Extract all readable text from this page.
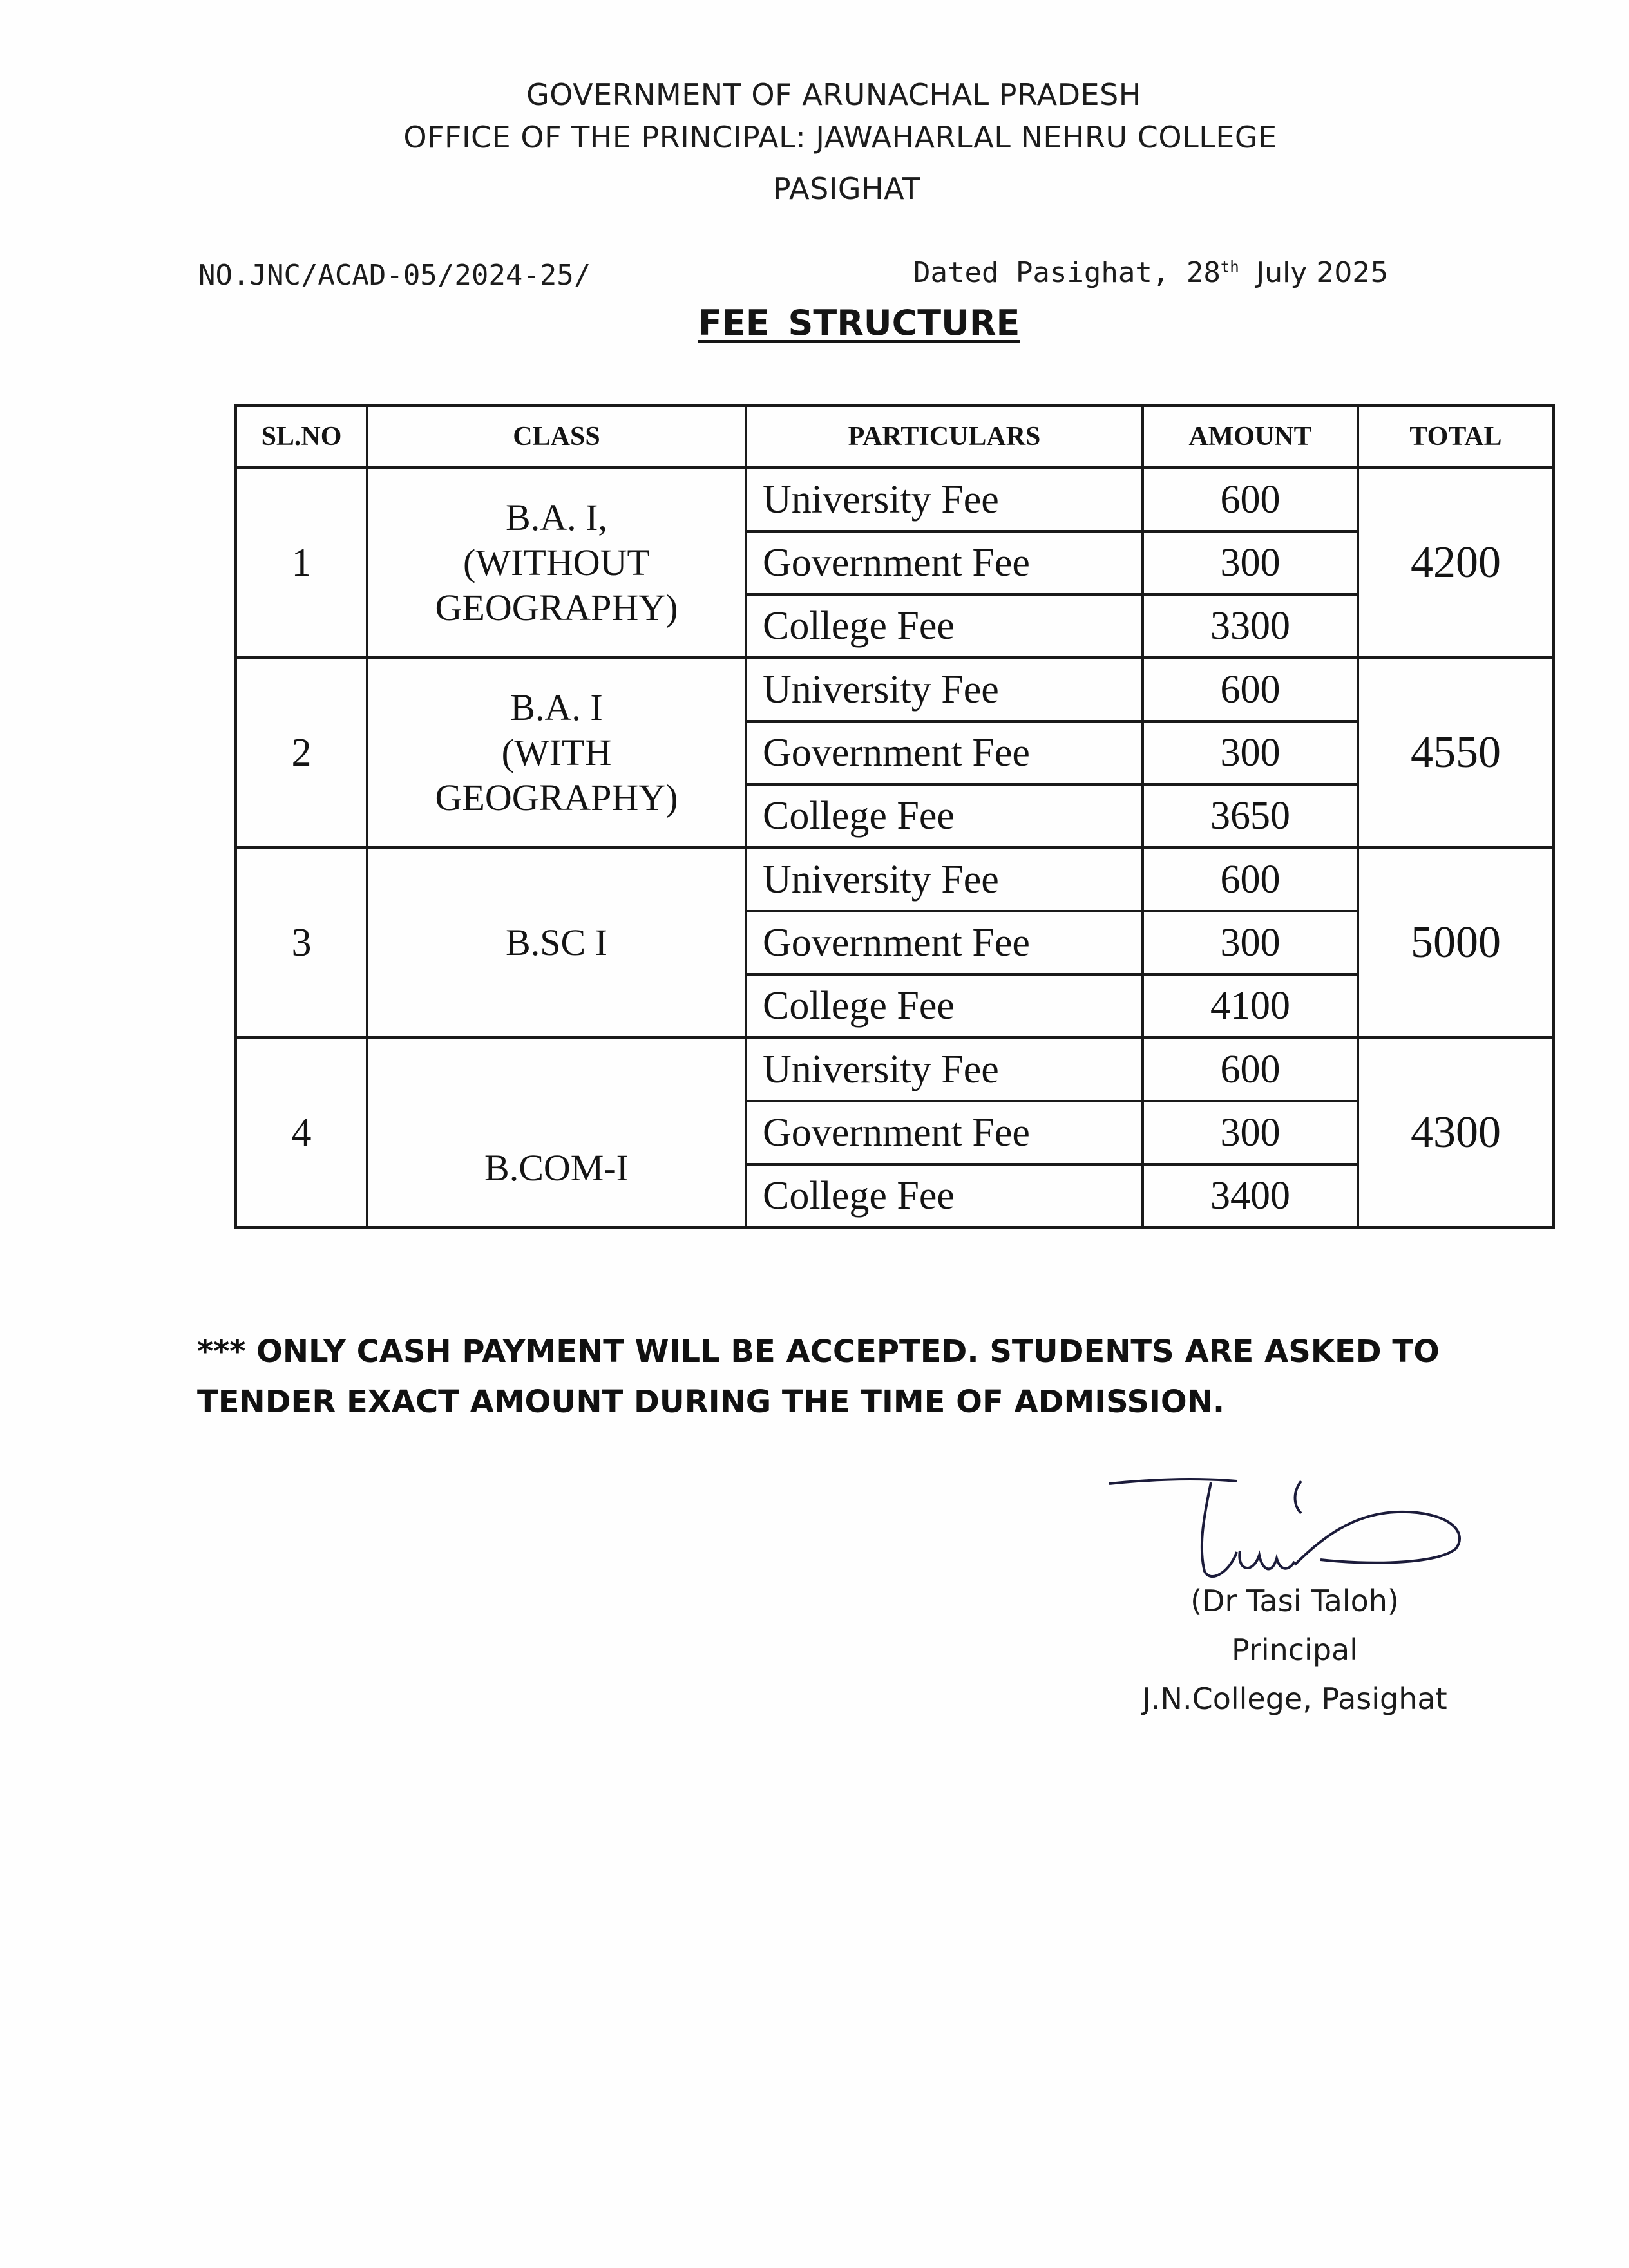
GOVERNMENT OF ARUNACHAL PRADESH
OFFICE OF THE PRINCIPAL: JAWAHARLAL NEHRU COLLEGE
PASIGHAT
NO.JNC/ACAD-05/2024-25/	Dated Pasighat, 28th July 2025
FEE STRUCTURE
SL.NO	CLASS	PARTICULARS	AMOUNT	TOTAL
1	B.A. I,
(WITHOUT
GEOGRAPHY)	University Fee	600	4200
		Government Fee	300	
		College Fee	3300	
2	B.A. I
(WITH
GEOGRAPHY)	University Fee	600	4550
		Government Fee	300	
		College Fee	3650	
3	B.SC I	University Fee	600	5000
		Government Fee	300	
		College Fee	4100	
4	B.COM-I	University Fee	600	4300
		Government Fee	300	
		College Fee	3400	
*** ONLY CASH PAYMENT WILL BE ACCEPTED. STUDENTS ARE ASKED TO TENDER EXACT AMOUNT DURING THE TIME OF ADMISSION.
(Dr Tasi Taloh)
Principal
J.N.College, Pasighat
